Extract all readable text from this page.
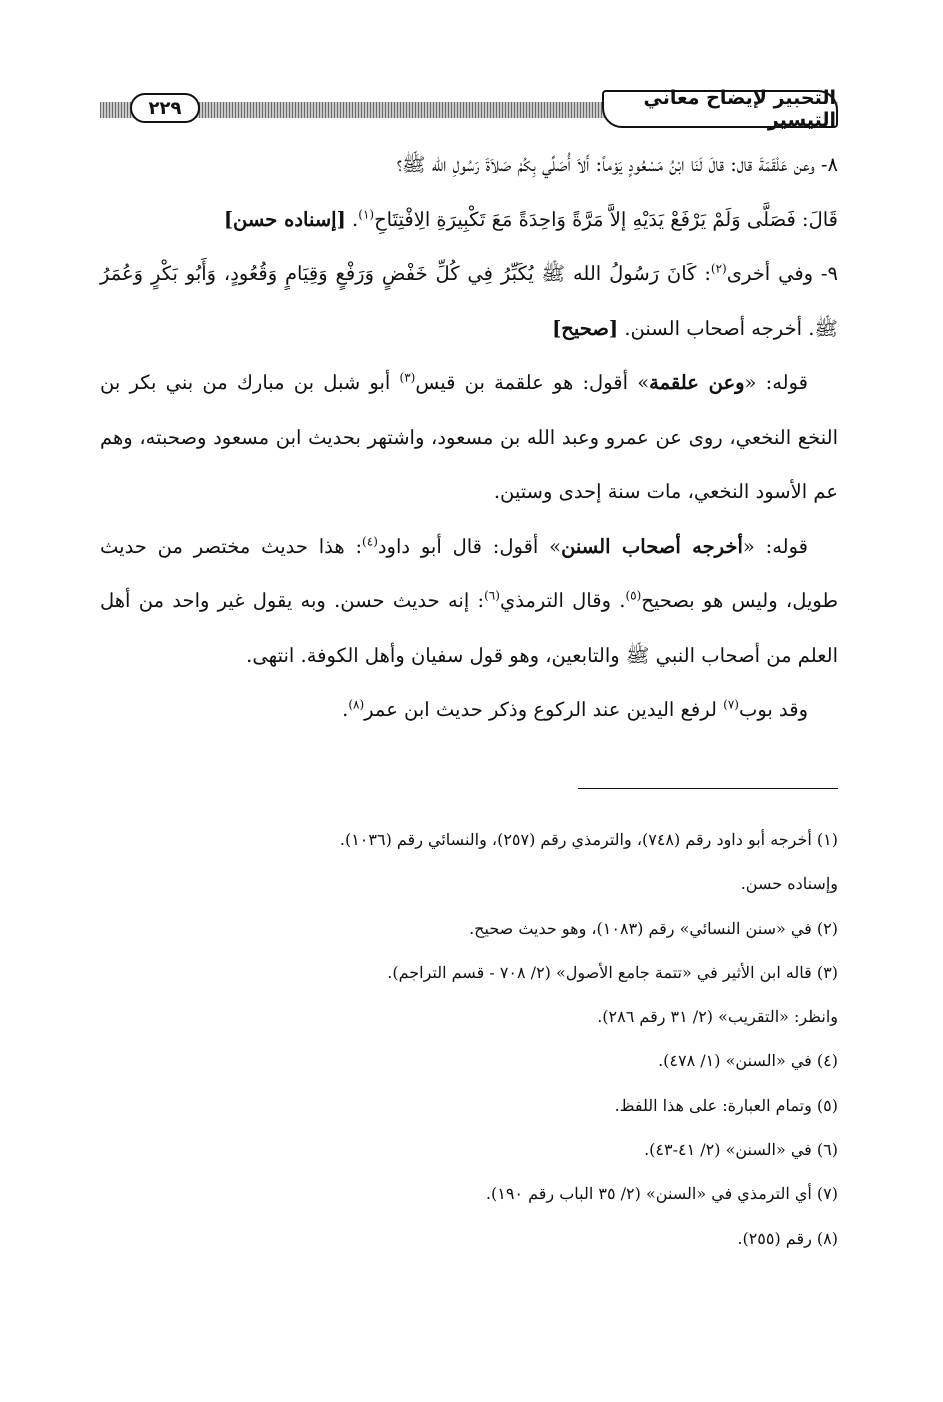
٢٢٩	التحبير لإيضاح معاني التيسير

٨- وعن عَلْقَمَةَ قال: قالَ لَنَا ابْنُ مَسْعُودٍ يَوْماً: أَلاَ أُصَلِّي بِكُمْ صَلاَةَ رَسُولِ الله ﷺ؟
قَالَ: فَصَلَّى وَلَمْ يَرْفَعْ يَدَيْهِ إلاَّ مَرَّةً وَاحِدَةً مَعَ تَكْبِيرَةِ الِافْتِتَاحِ$^{(١)}$. [إسناده حسن]

٩- وفي أخرى$^{(٢)}$: كَانَ رَسُولُ الله ﷺ يُكَبِّرُ فِي كُلِّ خَفْضٍ وَرَفْعٍ وَقِيَامٍ وَقُعُودٍ، وَأَبُو بَكْرٍ وَعُمَرُ ﷺ. أخرجه أصحاب السنن. [صحيح]

قوله: «وعن علقمة» أقول: هو علقمة بن قيس$^{(٣)}$ أبو شبل بن مبارك من بني بكر بن النخع النخعي، روى عن عمرو وعبد الله بن مسعود، واشتهر بحديث ابن مسعود وصحبته، وهم عم الأسود النخعي، مات سنة إحدى وستين.

قوله: «أخرجه أصحاب السنن» أقول: قال أبو داود$^{(٤)}$: هذا حديث مختصر من حديث طويل، وليس هو بصحيح$^{(٥)}$. وقال الترمذي$^{(٦)}$: إنه حديث حسن. وبه يقول غير واحد من أهل العلم من أصحاب النبي ﷺ والتابعين، وهو قول سفيان وأهل الكوفة. انتهى.

وقد بوب$^{(٧)}$ لرفع اليدين عند الركوع وذكر حديث ابن عمر$^{(٨)}$.

(١) أخرجه أبو داود رقم (٧٤٨)، والترمذي رقم (٢٥٧)، والنسائي رقم (١٠٣٦).

وإسناده حسن.

(٢) في «سنن النسائي» رقم (١٠٨٣)، وهو حديث صحيح.

(٣) قاله ابن الأثير في «تتمة جامع الأصول» (٢/ ٧٠٨ - قسم التراجم).

وانظر: «التقريب» (٢/ ٣١ رقم ٢٨٦).

(٤) في «السنن» (١/ ٤٧٨).

(٥) وتمام العبارة: على هذا اللفظ.

(٦) في «السنن» (٢/ ٤١-٤٣).

(٧) أي الترمذي في «السنن» (٢/ ٣٥ الباب رقم ١٩٠).

(٨) رقم (٢٥٥).
